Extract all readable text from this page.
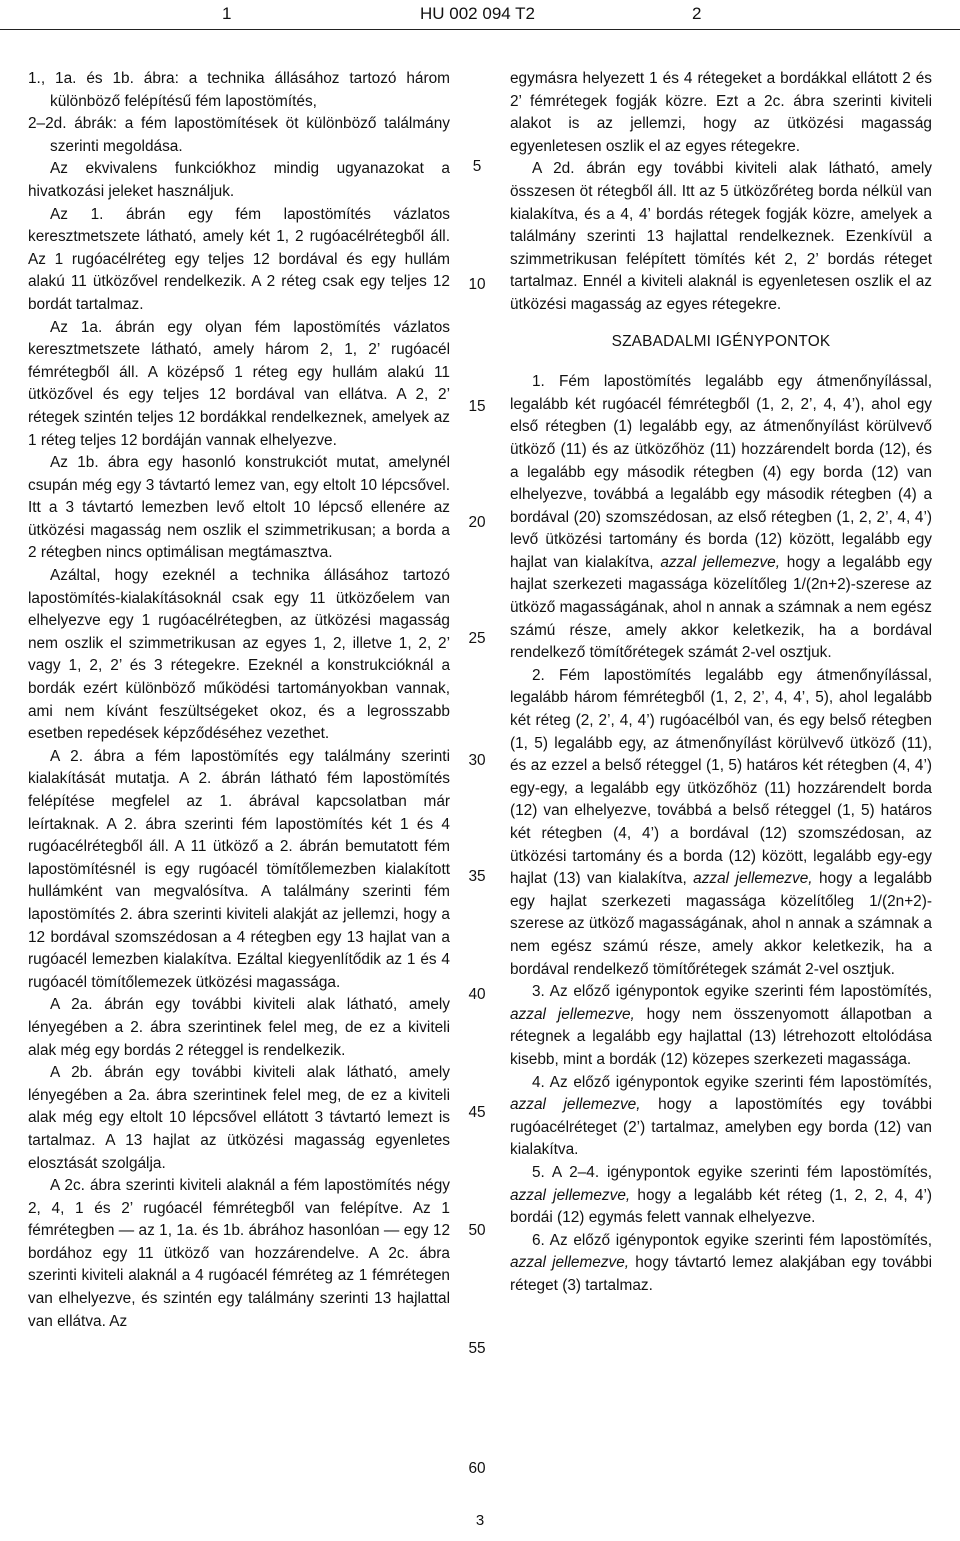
1	HU 002 094 T2	2

1., 1a. és 1b. ábra: a technika állásához tartozó három különböző felépítésű fém lapostömítés,

2–2d. ábrák: a fém lapostömítések öt különböző találmány szerinti megoldása.

Az ekvivalens funkciókhoz mindig ugyanazokat a hivatkozási jeleket használjuk.

Az 1. ábrán egy fém lapostömítés vázlatos keresztmetszete látható, amely két 1, 2 rugóacélrétegből áll. Az 1 rugóacélréteg egy teljes 12 bordával és egy hullám alakú 11 ütközővel rendelkezik. A 2 réteg csak egy teljes 12 bordát tartalmaz.

Az 1a. ábrán egy olyan fém lapostömítés vázlatos keresztmetszete látható, amely három 2, 1, 2’ rugóacél fémrétegből áll. A középső 1 réteg egy hullám alakú 11 ütközővel és egy teljes 12 bordával van ellátva. A 2, 2’ rétegek szintén teljes 12 bordákkal rendelkeznek, amelyek az 1 réteg teljes 12 bordáján vannak elhelyezve.

Az 1b. ábra egy hasonló konstrukciót mutat, amelynél csupán még egy 3 távtartó lemez van, egy eltolt 10 lépcsővel. Itt a 3 távtartó lemezben levő eltolt 10 lépcső ellenére az ütközési magasság nem oszlik el szimmetrikusan; a borda a 2 rétegben nincs optimálisan megtámasztva.

Azáltal, hogy ezeknél a technika állásához tartozó lapostömítés-kialakításoknál csak egy 11 ütközőelem van elhelyezve egy 1 rugóacélrétegben, az ütközési magasság nem oszlik el szimmetrikusan az egyes 1, 2, illetve 1, 2, 2’ vagy 1, 2, 2’ és 3 rétegekre. Ezeknél a konstrukcióknál a bordák ezért különböző működési tartományokban vannak, ami nem kívánt feszültségeket okoz, és a legrosszabb esetben repedések képződéséhez vezethet.

A 2. ábra a fém lapostömítés egy találmány szerinti kialakítását mutatja. A 2. ábrán látható fém lapostömítés felépítése megfelel az 1. ábrával kapcsolatban már leírtaknak. A 2. ábra szerinti fém lapostömítés két 1 és 4 rugóacélrétegből áll. A 11 ütköző a 2. ábrán bemutatott fém lapostömítésnél is egy rugóacél tömítőlemezben kialakított hullámként van megvalósítva. A találmány szerinti fém lapostömítés 2. ábra szerinti kiviteli alakját az jellemzi, hogy a 12 bordával szomszédosan a 4 rétegben egy 13 hajlat van a rugóacél lemezben kialakítva. Ezáltal kiegyenlítődik az 1 és 4 rugóacél tömítőlemezek ütközési magassága.

A 2a. ábrán egy további kiviteli alak látható, amely lényegében a 2. ábra szerintinek felel meg, de ez a kiviteli alak még egy bordás 2 réteggel is rendelkezik.

A 2b. ábrán egy további kiviteli alak látható, amely lényegében a 2a. ábra szerintinek felel meg, de ez a kiviteli alak még egy eltolt 10 lépcsővel ellátott 3 távtartó lemezt is tartalmaz. A 13 hajlat az ütközési magasság egyenletes elosztását szolgálja.

A 2c. ábra szerinti kiviteli alaknál a fém lapostömítés négy 2, 4, 1 és 2’ rugóacél fémrétegből van felépítve. Az 1 fémrétegben — az 1, 1a. és 1b. ábrához hasonlóan — egy 12 bordához egy 11 ütköző van hozzárendelve. A 2c. ábra szerinti kiviteli alaknál a 4 rugóacél fémréteg az 1 fémrétegen van elhelyezve, és szintén egy találmány szerinti 13 hajlattal van ellátva. Az

5
10
15
20
25
30
35
40
45
50
55
60

egymásra helyezett 1 és 4 rétegeket a bordákkal ellátott 2 és 2’ fémrétegek fogják közre. Ezt a 2c. ábra szerinti kiviteli alakot is az jellemzi, hogy az ütközési magasság egyenletesen oszlik el az egyes rétegekre.

A 2d. ábrán egy további kiviteli alak látható, amely összesen öt rétegből áll. Itt az 5 ütközőréteg borda nélkül van kialakítva, és a 4, 4’ bordás rétegek fogják közre, amelyek a találmány szerinti 13 hajlattal rendelkeznek. Ezenkívül a szimmetrikusan felépített tömítés két 2, 2’ bordás réteget tartalmaz. Ennél a kiviteli alaknál is egyenletesen oszlik el az ütközési magasság az egyes rétegekre.

SZABADALMI IGÉNYPONTOK

1. Fém lapostömítés legalább egy átmenőnyílással, legalább két rugóacél fémrétegből (1, 2, 2’, 4, 4’), ahol egy első rétegben (1) legalább egy, az átmenőnyílást körülvevő ütköző (11) és az ütközőhöz (11) hozzárendelt borda (12), és a legalább egy második rétegben (4) egy borda (12) van elhelyezve, továbbá a legalább egy második rétegben (4) a bordával (20) szomszédosan, az első rétegben (1, 2, 2’, 4, 4’) levő ütközési tartomány és borda (12) között, legalább egy hajlat van kialakítva, azzal jellemezve, hogy a legalább egy hajlat szerkezeti magassága közelítőleg 1/(2n+2)-szerese az ütköző magasságának, ahol n annak a számnak a nem egész számú része, amely akkor keletkezik, ha a bordával rendelkező tömítőrétegek számát 2-vel osztjuk.

2. Fém lapostömítés legalább egy átmenőnyílással, legalább három fémrétegből (1, 2, 2’, 4, 4’, 5), ahol legalább két réteg (2, 2’, 4, 4’) rugóacélból van, és egy belső rétegben (1, 5) legalább egy, az átmenőnyílást körülvevő ütköző (11), és az ezzel a belső réteggel (1, 5) határos két rétegben (4, 4’) egy-egy, a legalább egy ütközőhöz (11) hozzárendelt borda (12) van elhelyezve, továbbá a belső réteggel (1, 5) határos két rétegben (4, 4’) a bordával (12) szomszédosan, az ütközési tartomány és a borda (12) között, legalább egy-egy hajlat (13) van kialakítva, azzal jellemezve, hogy a legalább egy hajlat szerkezeti magassága közelítőleg 1/(2n+2)-szerese az ütköző magasságának, ahol n annak a számnak a nem egész számú része, amely akkor keletkezik, ha a bordával rendelkező tömítőrétegek számát 2-vel osztjuk.

3. Az előző igénypontok egyike szerinti fém lapostömítés, azzal jellemezve, hogy nem összenyomott állapotban a rétegnek a legalább egy hajlattal (13) létrehozott eltolódása kisebb, mint a bordák (12) közepes szerkezeti magassága.

4. Az előző igénypontok egyike szerinti fém lapostömítés, azzal jellemezve, hogy a lapostömítés egy további rugóacélréteget (2’) tartalmaz, amelyben egy borda (12) van kialakítva.

5. A 2–4. igénypontok egyike szerinti fém lapostömítés, azzal jellemezve, hogy a legalább két réteg (1, 2, 2, 4, 4’) bordái (12) egymás felett vannak elhelyezve.

6. Az előző igénypontok egyike szerinti fém lapostömítés, azzal jellemezve, hogy távtartó lemez alakjában egy további réteget (3) tartalmaz.

3
